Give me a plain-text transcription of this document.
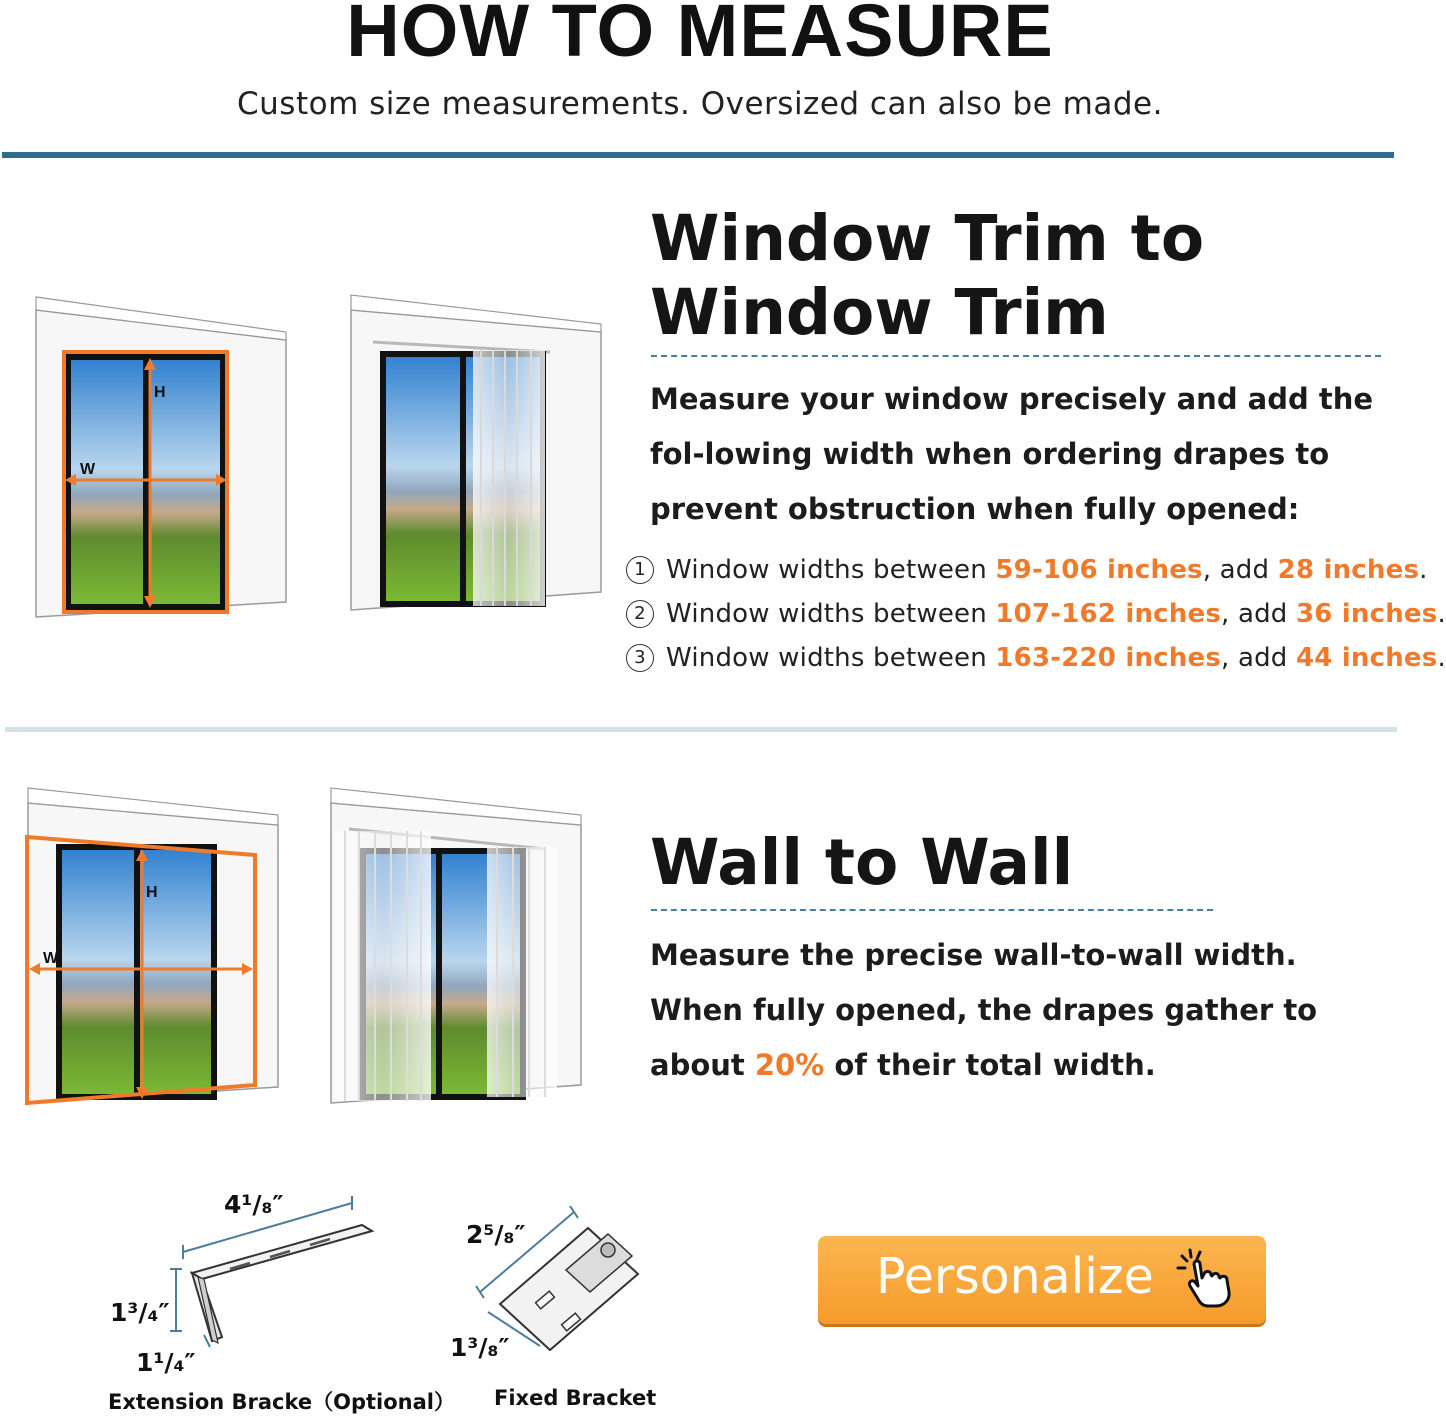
HOW TO MEASURE
Custom size measurements. Oversized can also be made.
H
W
Window Trim to
Window Trim
Measure your window precisely and add the fol-lowing width when ordering drapes to prevent obstruction when fully opened:
1 Window widths between 59-106 inches, add 28 inches.
2 Window widths between 107-162 inches, add 36 inches.
3 Window widths between 163-220 inches, add 44 inches.
H
W
Wall to Wall
Measure the precise wall-to-wall width. When fully opened, the drapes gather to about 20% of their total width.
4¹/₈″
1³/₄″
1¹/₄″
Extension Bracke（Optional）
2⁵/₈″
1³/₈″
Fixed Bracket
Personalize
